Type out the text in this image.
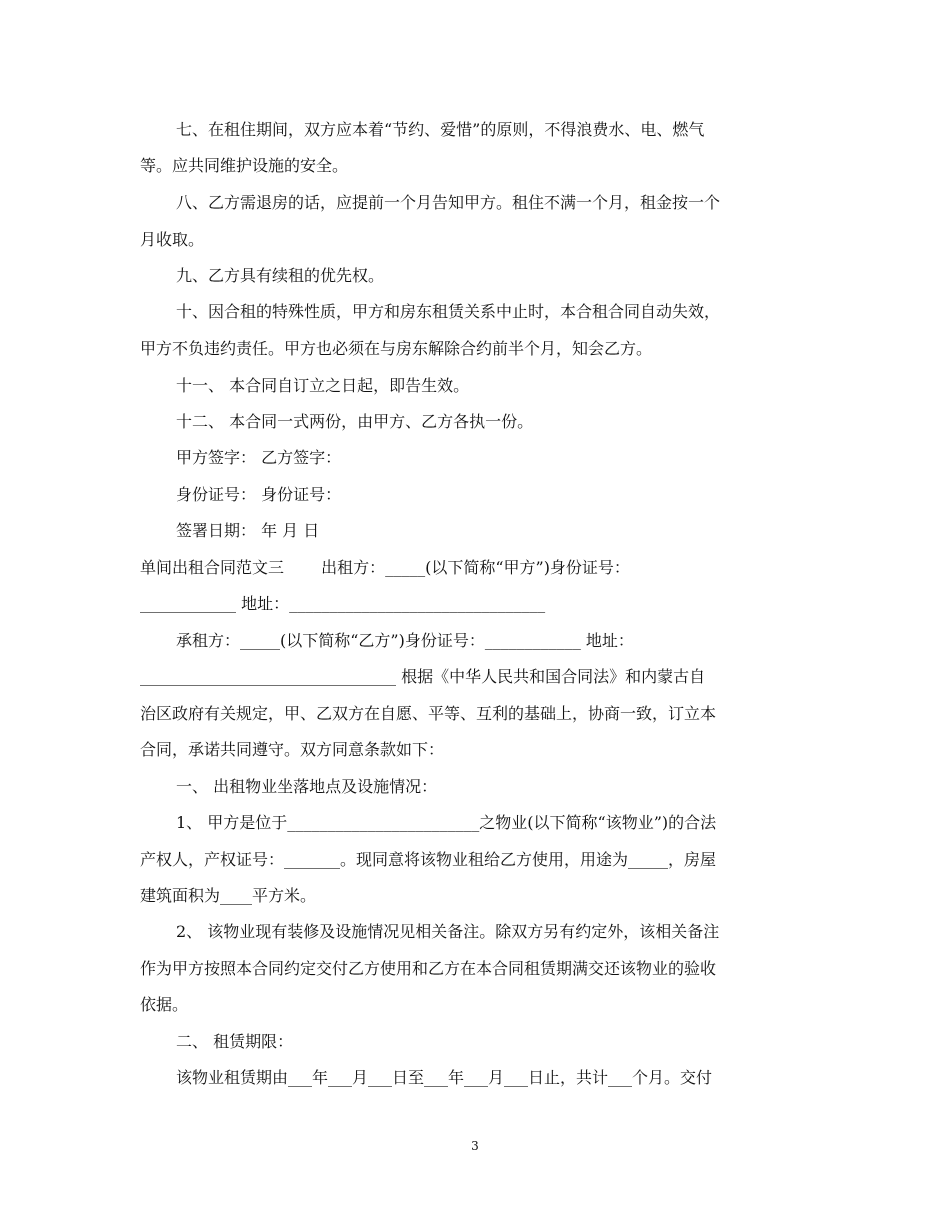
七、在租住期间，双方应本着“节约、爱惜”的原则，不得浪费水、电、燃气
等。应共同维护设施的安全。
八、乙方需退房的话，应提前一个月告知甲方。租住不满一个月，租金按一个
月收取。
九、乙方具有续租的优先权。
十、因合租的特殊性质，甲方和房东租赁关系中止时，本合租合同自动失效，
甲方不负违约责任。甲方也必须在与房东解除合约前半个月，知会乙方。
十一、 本合同自订立之日起，即告生效。
十二、 本合同一式两份，由甲方、乙方各执一份。
甲方签字： 乙方签字：
身份证号： 身份证号：
签署日期： 年 月 日
单间出租合同范文三 　　出租方：_____(以下简称“甲方”)身份证号：
____________ 地址：________________________________
承租方：_____(以下简称“乙方”)身份证号：____________ 地址：
________________________________ 根据《中华人民共和国合同法》和内蒙古自
治区政府有关规定，甲、乙双方在自愿、平等、互利的基础上，协商一致，订立本
合同，承诺共同遵守。双方同意条款如下：
一、 出租物业坐落地点及设施情况：
1、 甲方是位于________________________之物业(以下简称“该物业”)的合法
产权人，产权证号：_______。现同意将该物业租给乙方使用，用途为_____，房屋
建筑面积为____平方米。
2、 该物业现有装修及设施情况见相关备注。除双方另有约定外，该相关备注
作为甲方按照本合同约定交付乙方使用和乙方在本合同租赁期满交还该物业的验收
依据。
二、 租赁期限：
该物业租赁期由___年___月___日至___年___月___日止，共计___个月。交付
3
